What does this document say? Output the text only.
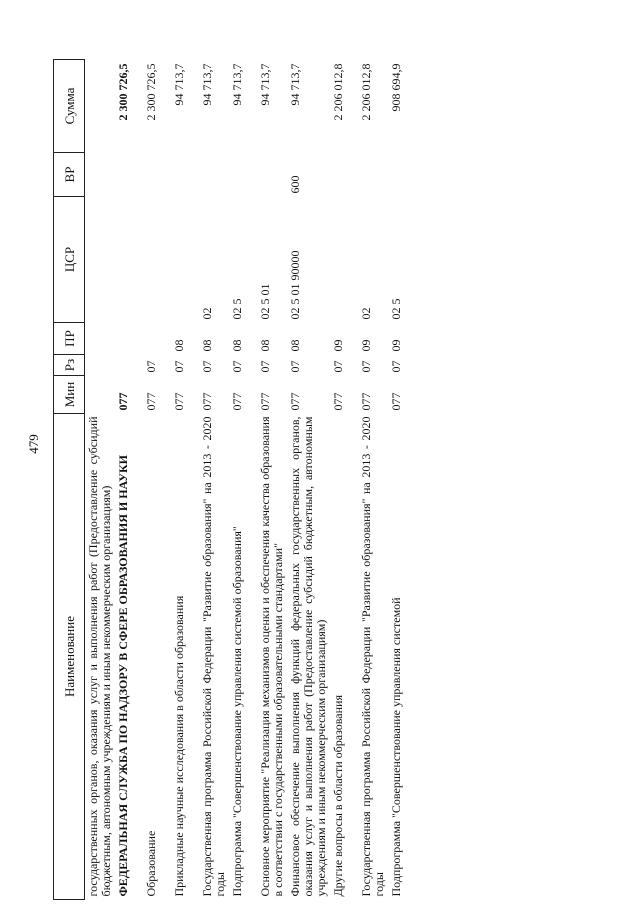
479
Наименование	Мин	Рз	ПР	ЦСР	ВР	Сумма
государственных органов, оказания услуг и выполнения работ (Предоставление субсидий бюджетным, автономным учреждениям и иным некоммерческим организациям)						
ФЕДЕРАЛЬНАЯ СЛУЖБА ПО НАДЗОРУ В СФЕРЕ ОБРАЗОВАНИЯ И НАУКИ	077					2 300 726,5
Образование	077	07				2 300 726,5
Прикладные научные исследования в области образования	077	07	08			94 713,7
Государственная программа Российской Федерации "Развитие образования" на 2013 - 2020 годы	077	07	08	02		94 713,7
Подпрограмма "Совершенствование управления системой образования"	077	07	08	02 5		94 713,7
Основное мероприятие "Реализация механизмов оценки и обеспечения качества образования в соответствии с государственными образовательными стандартами"	077	07	08	02 5 01		94 713,7
Финансовое обеспечение выполнения функций федеральных государственных органов, оказания услуг и выполнения работ (Предоставление субсидий бюджетным, автономным учреждениям и иным некоммерческим организациям)	077	07	08	02 5 01 90000	600	94 713,7
Другие вопросы в области образования	077	07	09			2 206 012,8
Государственная программа Российской Федерации "Развитие образования" на 2013 - 2020 годы	077	07	09	02		2 206 012,8
Подпрограмма "Совершенствование управления системой	077	07	09	02 5		908 694,9
